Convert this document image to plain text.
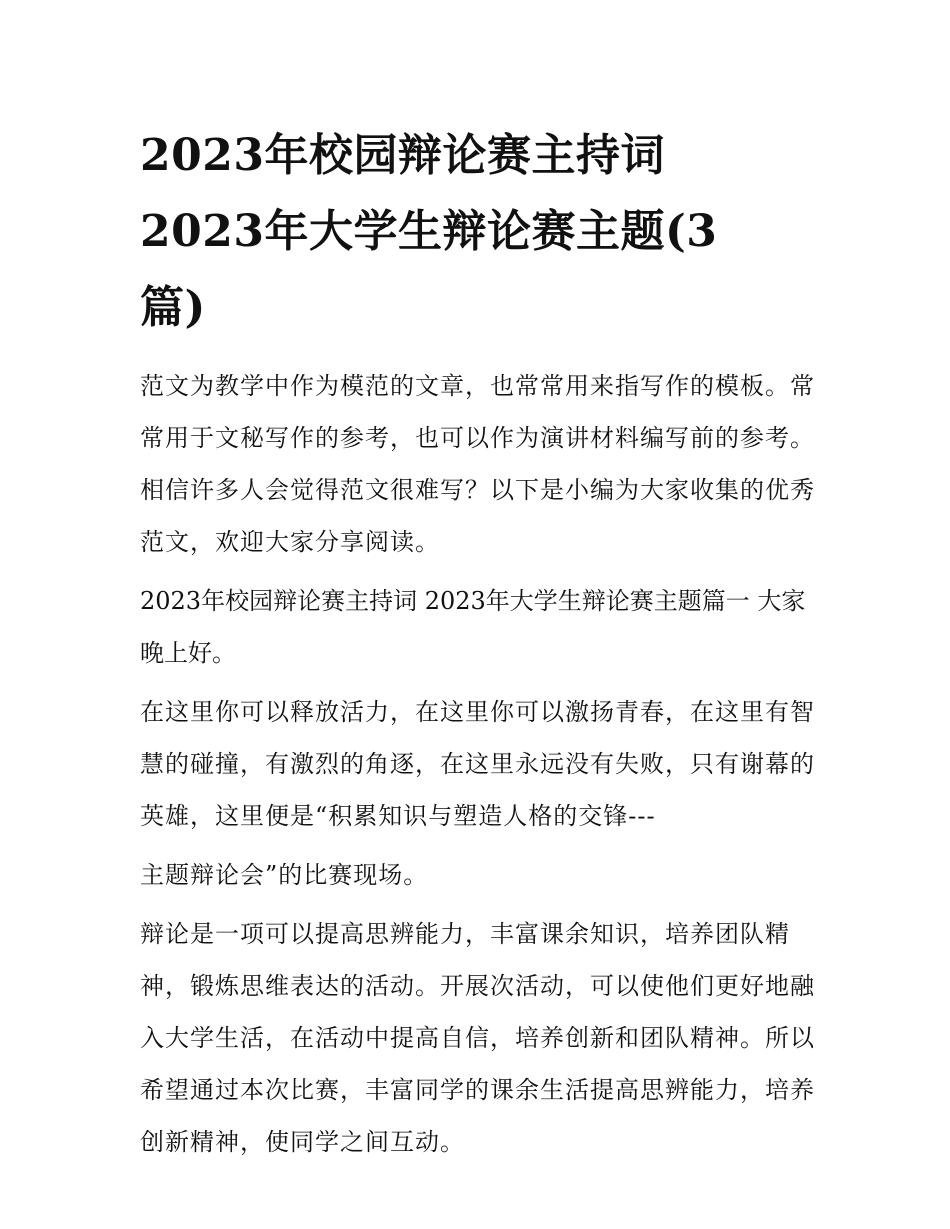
2023年校园辩论赛主持词
2023年大学生辩论赛主题(3
篇)

范文为教学中作为模范的文章，也常常用来指写作的模板。常常用于文秘写作的参考，也可以作为演讲材料编写前的参考。相信许多人会觉得范文很难写？以下是小编为大家收集的优秀范文，欢迎大家分享阅读。

2023年校园辩论赛主持词 2023年大学生辩论赛主题篇一 大家晚上好。

在这里你可以释放活力，在这里你可以激扬青春，在这里有智慧的碰撞，有激烈的角逐，在这里永远没有失败，只有谢幕的英雄，这里便是“积累知识与塑造人格的交锋---

主题辩论会”的比赛现场。

辩论是一项可以提高思辨能力，丰富课余知识，培养团队精神，锻炼思维表达的活动。开展次活动，可以使他们更好地融入大学生活，在活动中提高自信，培养创新和团队精神。所以希望通过本次比赛，丰富同学的课余生活提高思辨能力，培养创新精神，使同学之间互动。
